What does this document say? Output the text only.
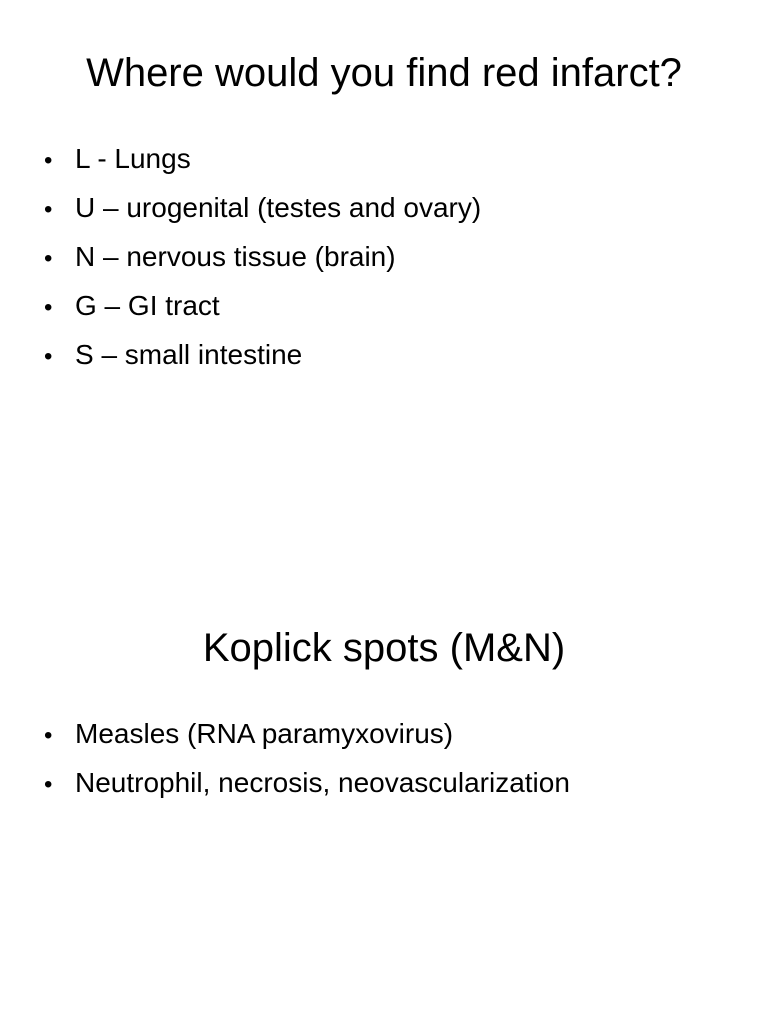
Where would you find red infarct?
• L - Lungs
• U – urogenital (testes and ovary)
• N – nervous tissue (brain)
• G – GI tract
• S – small intestine
Koplick spots (M&N)
• Measles (RNA paramyxovirus)
• Neutrophil, necrosis, neovascularization
